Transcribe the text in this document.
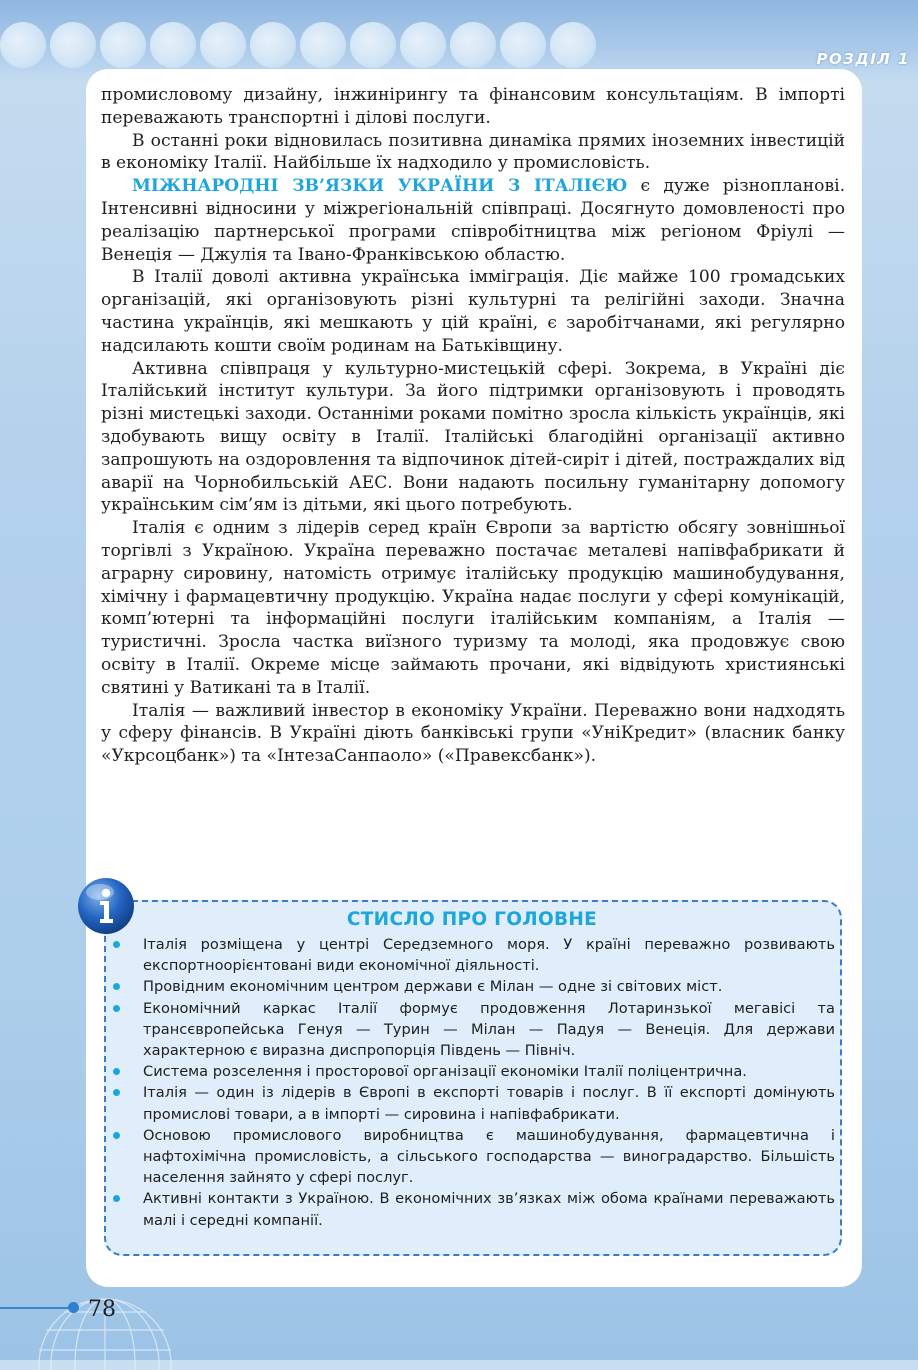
РОЗДІЛ 1

промисловому дизайну, інжинірингу та фінансовим консультаціям. В імпорті переважають транспортні і ділові послуги.

В останні роки відновилась позитивна динаміка прямих іноземних інвестицій в економіку Італії. Найбільше їх надходило у промисловість.

МІЖНАРОДНІ ЗВ’ЯЗКИ УКРАЇНИ З ІТАЛІЄЮ є дуже різнопланові. Інтенсивні відносини у міжрегіональній співпраці. Досягнуто домовленості про реалізацію партнерської програми співробітництва між регіоном Фріулі — Венеція — Джулія та Івано-Франківською областю.

В Італії доволі активна українська імміграція. Діє майже 100 громадських організацій, які організовують різні культурні та релігійні заходи. Значна частина українців, які мешкають у цій країні, є заробітчанами, які регулярно надсилають кошти своїм родинам на Батьківщину.

Активна співпраця у культурно-мистецькій сфері. Зокрема, в Україні діє Італійський інститут культури. За його підтримки організовують і проводять різні мистецькі заходи. Останніми роками помітно зросла кількість українців, які здобувають вищу освіту в Італії. Італійські благодійні організації активно запрошують на оздоровлення та відпочинок дітей-сиріт і дітей, постраждалих від аварії на Чорнобильській АЕС. Вони надають посильну гуманітарну допомогу українським сім’ям із дітьми, які цього потребують.

Італія є одним з лідерів серед країн Європи за вартістю обсягу зовнішньої торгівлі з Україною. Україна переважно постачає металеві напівфабрикати й аграрну сировину, натомість отримує італійську продукцію машинобудування, хімічну і фармацевтичну продукцію. Україна надає послуги у сфері комунікацій, комп’ютерні та інформаційні послуги італійським компаніям, а Італія — туристичні. Зросла частка виїзного туризму та молоді, яка продовжує свою освіту в Італії. Окреме місце займають прочани, які відвідують християнські святині у Ватикані та в Італії.

Італія — важливий інвестор в економіку України. Переважно вони надходять у сферу фінансів. В Україні діють банківські групи «УніКредит» (власник банку «Укрсоцбанк») та «ІнтезаСанпаоло» («Правексбанк»).

СТИСЛО ПРО ГОЛОВНЕ
Італія розміщена у центрі Середземного моря. У країні переважно розвивають експортноорієнтовані види економічної діяльності.
Провідним економічним центром держави є Мілан — одне зі світових міст.
Економічний каркас Італії формує продовження Лотаринзької мегавісі та трансєвропейська Генуя — Турин — Мілан — Падуя — Венеція. Для держави характерною є виразна диспропорція Південь — Північ.
Система розселення і просторової організації економіки Італії поліцентрична.
Італія — один із лідерів в Європі в експорті товарів і послуг. В її експорті домінують промислові товари, а в імпорті — сировина і напівфабрикати.
Основою промислового виробництва є машинобудування, фармацевтична і нафтохімічна промисловість, а сільського господарства — виноградарство. Більшість населення зайнято у сфері послуг.
Активні контакти з Україною. В економічних зв’язках між обома країнами переважають малі і середні компанії.
78
